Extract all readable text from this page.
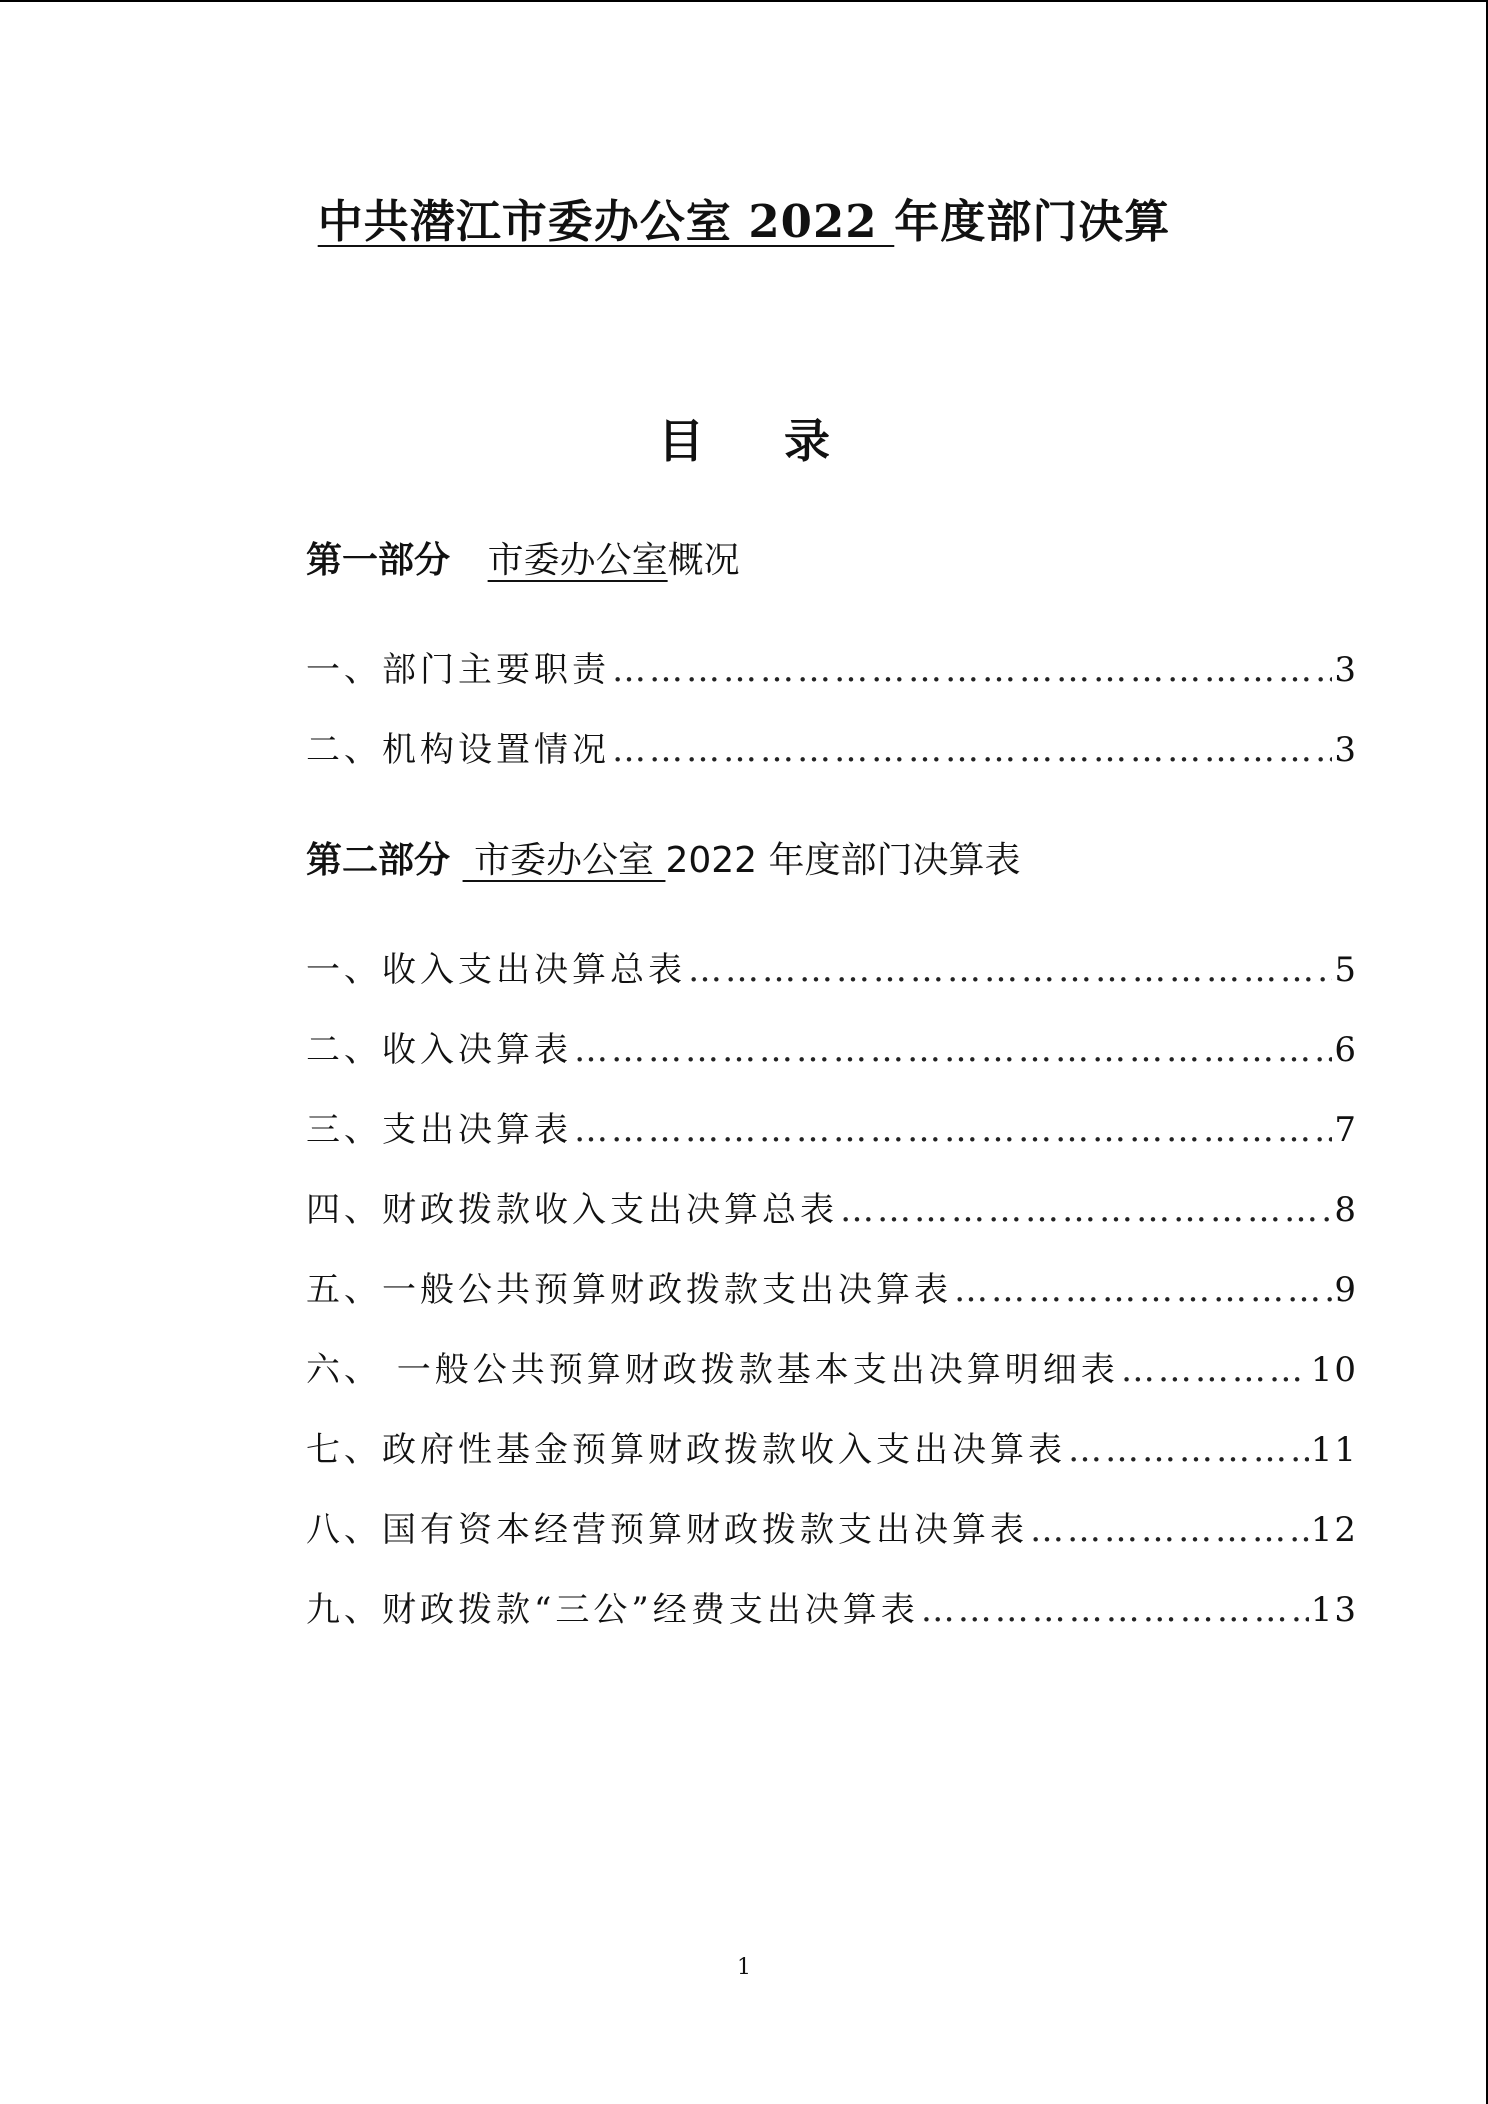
中共潜江市委办公室 2022 年度部门决算
目录
第一部分 市委办公室概况
一、部门主要职责 ……………………………………………………………………………………………………………………………………………………	3
二、机构设置情况 ……………………………………………………………………………………………………………………………………………………	3
第二部分  市委办公室 2022 年度部门决算表
一、收入支出决算总表 ……………………………………………………………………………………………………………………………………………………	5
二、收入决算表 ……………………………………………………………………………………………………………………………………………………	6
三、支出决算表 ……………………………………………………………………………………………………………………………………………………	7
四、财政拨款收入支出决算总表 ……………………………………………………………………………………………………………………………………………………	8
五、一般公共预算财政拨款支出决算表 ……………………………………………………………………………………………………………………………………………………	9
六、 一般公共预算财政拨款基本支出决算明细表 ……………………………………………………………………………………………………………………………………………………	10
七、政府性基金预算财政拨款收入支出决算表 ……………………………………………………………………………………………………………………………………………………	11
八、国有资本经营预算财政拨款支出决算表 ……………………………………………………………………………………………………………………………………………………	12
九、财政拨款“三公”经费支出决算表 ……………………………………………………………………………………………………………………………………………………	13
1
